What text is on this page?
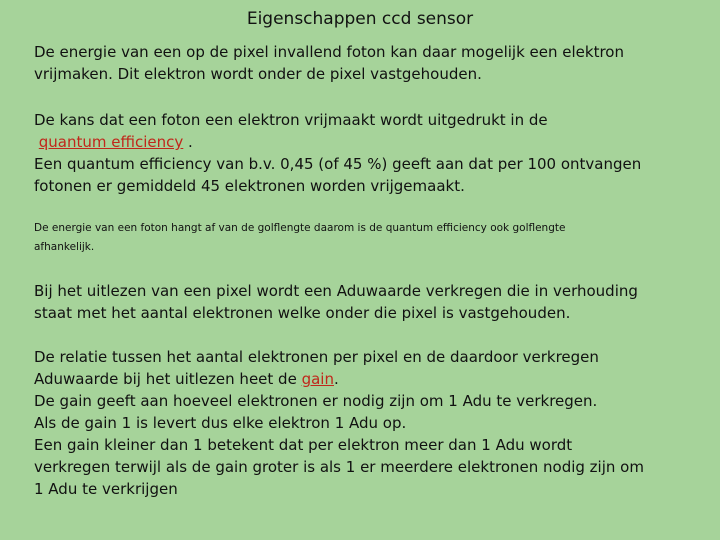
Eigenschappen ccd sensor
De energie van een op de pixel invallend foton kan daar mogelijk een elektron
vrijmaken. Dit elektron wordt onder de pixel vastgehouden.
De kans dat een foton een elektron vrijmaakt wordt uitgedrukt in de
quantum efficiency .
Een quantum efficiency van b.v. 0,45 (of 45 %) geeft aan dat per 100 ontvangen
fotonen er gemiddeld 45 elektronen worden vrijgemaakt.
De energie van een foton hangt af van de golflengte daarom is de quantum efficiency ook golflengte
afhankelijk.
Bij het uitlezen van een pixel wordt een Aduwaarde verkregen die in verhouding
staat met het aantal elektronen welke onder die pixel is vastgehouden.
De relatie tussen het aantal elektronen per pixel en de daardoor verkregen
Aduwaarde bij het uitlezen heet de gain.
De gain geeft aan hoeveel elektronen er nodig zijn om 1 Adu te verkregen.
Als de gain 1 is levert dus elke elektron 1 Adu op.
Een gain kleiner dan 1 betekent dat per elektron meer dan 1 Adu wordt
verkregen terwijl als de gain groter is als 1 er meerdere elektronen nodig zijn om
1 Adu te verkrijgen
